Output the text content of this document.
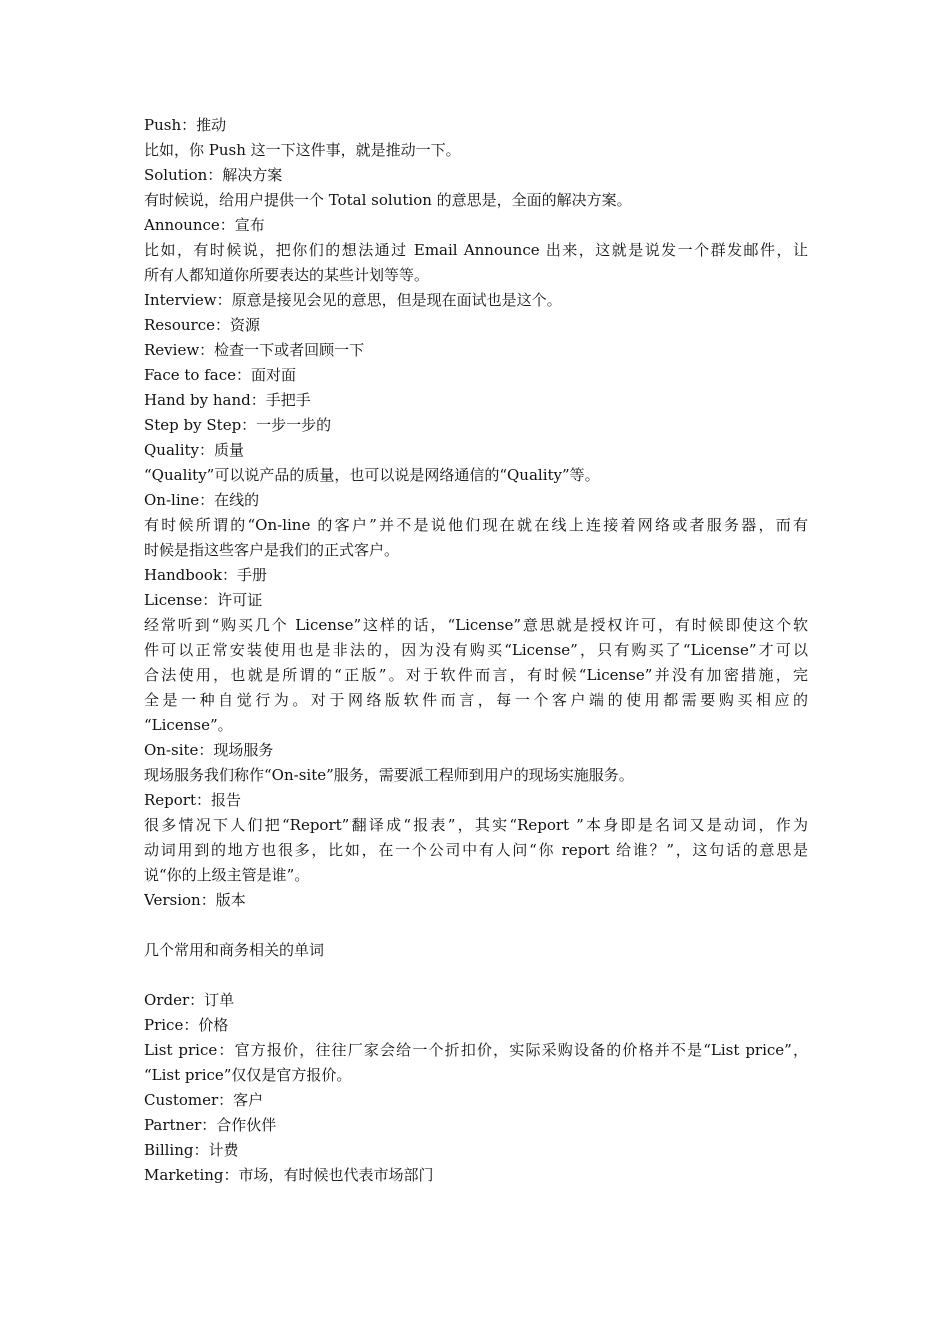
Push：推动

比如，你 Push 这一下这件事，就是推动一下。

Solution：解决方案

有时候说，给用户提供一个 Total solution 的意思是，全面的解决方案。

Announce：宣布

比如，有时候说，把你们的想法通过 Email Announce 出来，这就是说发一个群发邮件，让

所有人都知道你所要表达的某些计划等等。

Interview：原意是接见会见的意思，但是现在面试也是这个。

Resource：资源

Review：检查一下或者回顾一下

Face to face：面对面

Hand by hand：手把手

Step by Step：一步一步的

Quality：质量

“Quality”可以说产品的质量，也可以说是网络通信的“Quality”等。

On-line：在线的

有时候所谓的“On-line 的客户”并不是说他们现在就在线上连接着网络或者服务器，而有

时候是指这些客户是我们的正式客户。

Handbook：手册

License：许可证

经常听到“购买几个 License”这样的话，“License”意思就是授权许可，有时候即使这个软

件可以正常安装使用也是非法的，因为没有购买“License”，只有购买了“License”才可以

合法使用，也就是所谓的“正版”。对于软件而言，有时候“License”并没有加密措施，完

全是一种自觉行为。对于网络版软件而言，每一个客户端的使用都需要购买相应的

“License”。

On-site：现场服务

现场服务我们称作“On-site”服务，需要派工程师到用户的现场实施服务。

Report：报告

很多情况下人们把“Report”翻译成“报表”，其实“Report ”本身即是名词又是动词，作为

动词用到的地方也很多，比如，在一个公司中有人问“你 report 给谁？”，这句话的意思是

说“你的上级主管是谁”。

Version：版本

几个常用和商务相关的单词

Order：订单

Price：价格

List price：官方报价，往往厂家会给一个折扣价，实际采购设备的价格并不是“List price”，

“List price”仅仅是官方报价。

Customer：客户

Partner：合作伙伴

Billing：计费

Marketing：市场，有时候也代表市场部门
